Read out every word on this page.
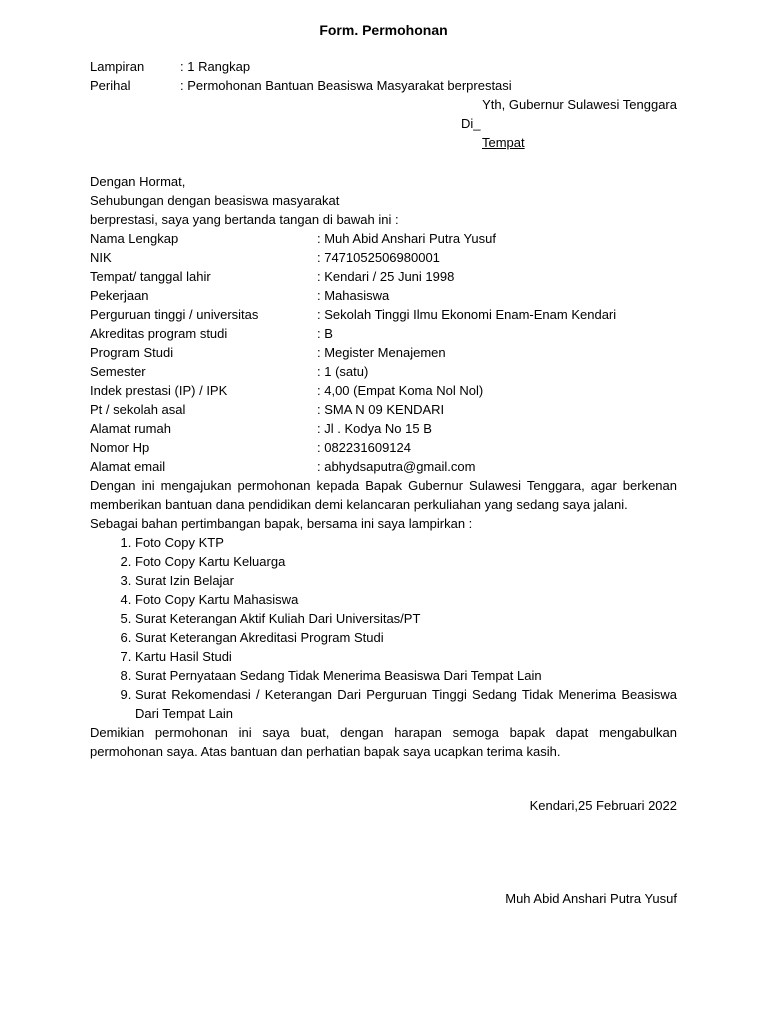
Form. Permohonan
Lampiran	: 1 Rangkap
Perihal	: Permohonan Bantuan Beasiswa Masyarakat berprestasi
Yth, Gubernur Sulawesi Tenggara
Di_
Tempat
Dengan Hormat,
Sehubungan dengan beasiswa masyarakat
berprestasi, saya yang bertanda tangan di bawah ini :
Nama Lengkap	: Muh Abid Anshari Putra Yusuf
NIK	: 7471052506980001
Tempat/ tanggal lahir	: Kendari / 25 Juni 1998
Pekerjaan	: Mahasiswa
Perguruan tinggi / universitas	: Sekolah Tinggi Ilmu Ekonomi Enam-Enam Kendari
Akreditas program studi	: B
Program Studi	: Megister Menajemen
Semester	: 1 (satu)
Indek prestasi (IP) / IPK	: 4,00 (Empat Koma Nol Nol)
Pt / sekolah asal	: SMA N 09 KENDARI
Alamat rumah	: Jl . Kodya No 15 B
Nomor Hp	: 082231609124
Alamat email	: abhydsaputra@gmail.com
Dengan ini mengajukan permohonan kepada Bapak Gubernur Sulawesi Tenggara, agar berkenan memberikan bantuan dana pendidikan demi kelancaran perkuliahan yang sedang saya jalani.
Sebagai bahan pertimbangan bapak, bersama ini saya lampirkan :
1. Foto Copy KTP
2. Foto Copy Kartu Keluarga
3. Surat Izin Belajar
4. Foto Copy Kartu Mahasiswa
5. Surat Keterangan Aktif Kuliah Dari Universitas/PT
6. Surat Keterangan Akreditasi Program Studi
7. Kartu Hasil Studi
8. Surat Pernyataan Sedang Tidak Menerima Beasiswa Dari Tempat Lain
9. Surat Rekomendasi / Keterangan Dari Perguruan Tinggi Sedang Tidak Menerima Beasiswa Dari Tempat Lain
Demikian permohonan ini saya buat, dengan harapan semoga bapak dapat mengabulkan permohonan saya. Atas bantuan dan perhatian bapak saya ucapkan terima kasih.
Kendari,25 Februari 2022
Muh Abid Anshari Putra Yusuf
